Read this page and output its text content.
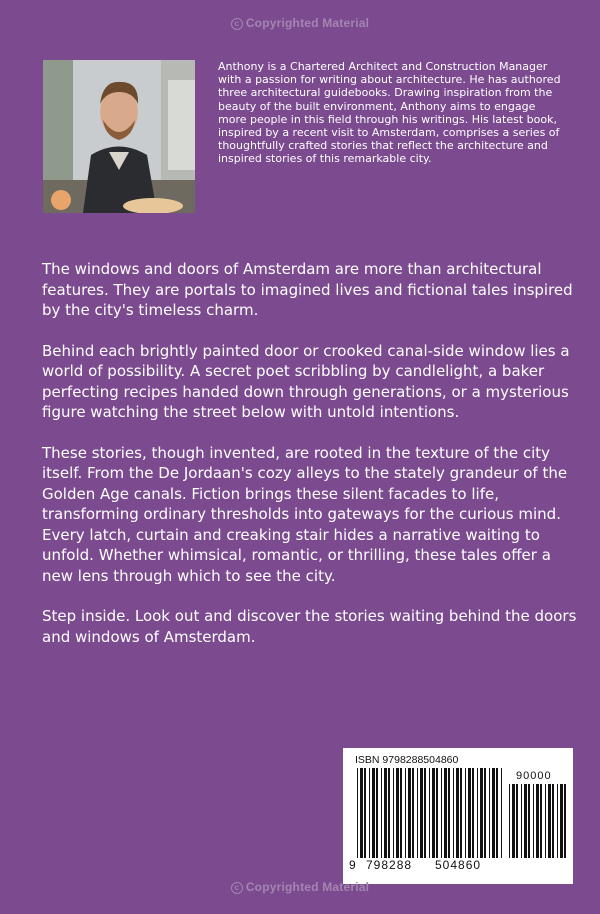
c Copyrighted Material
Anthony is a Chartered Architect and Construction Manager with a passion for writing about architecture. He has authored three architectural guidebooks. Drawing inspiration from the beauty of the built environment, Anthony aims to engage more people in this field through his writings. His latest book, inspired by a recent visit to Amsterdam, comprises a series of thoughtfully crafted stories that reflect the architecture and inspired stories of this remarkable city.

The windows and doors of Amsterdam are more than architectural features. They are portals to imagined lives and fictional tales inspired by the city's timeless charm.

Behind each brightly painted door or crooked canal-side window lies a world of possibility. A secret poet scribbling by candlelight, a baker perfecting recipes handed down through generations, or a mysterious figure watching the street below with untold intentions.

These stories, though invented, are rooted in the texture of the city itself. From the De Jordaan's cozy alleys to the stately grandeur of the Golden Age canals. Fiction brings these silent facades to life, transforming ordinary thresholds into gateways for the curious mind. Every latch, curtain and creaking stair hides a narrative waiting to unfold. Whether whimsical, romantic, or thrilling, these tales offer a new lens through which to see the city.

Step inside. Look out and discover the stories waiting behind the doors and windows of Amsterdam.

ISBN 9798288504860
90000
9 798288 504860
c Copyrighted Material
